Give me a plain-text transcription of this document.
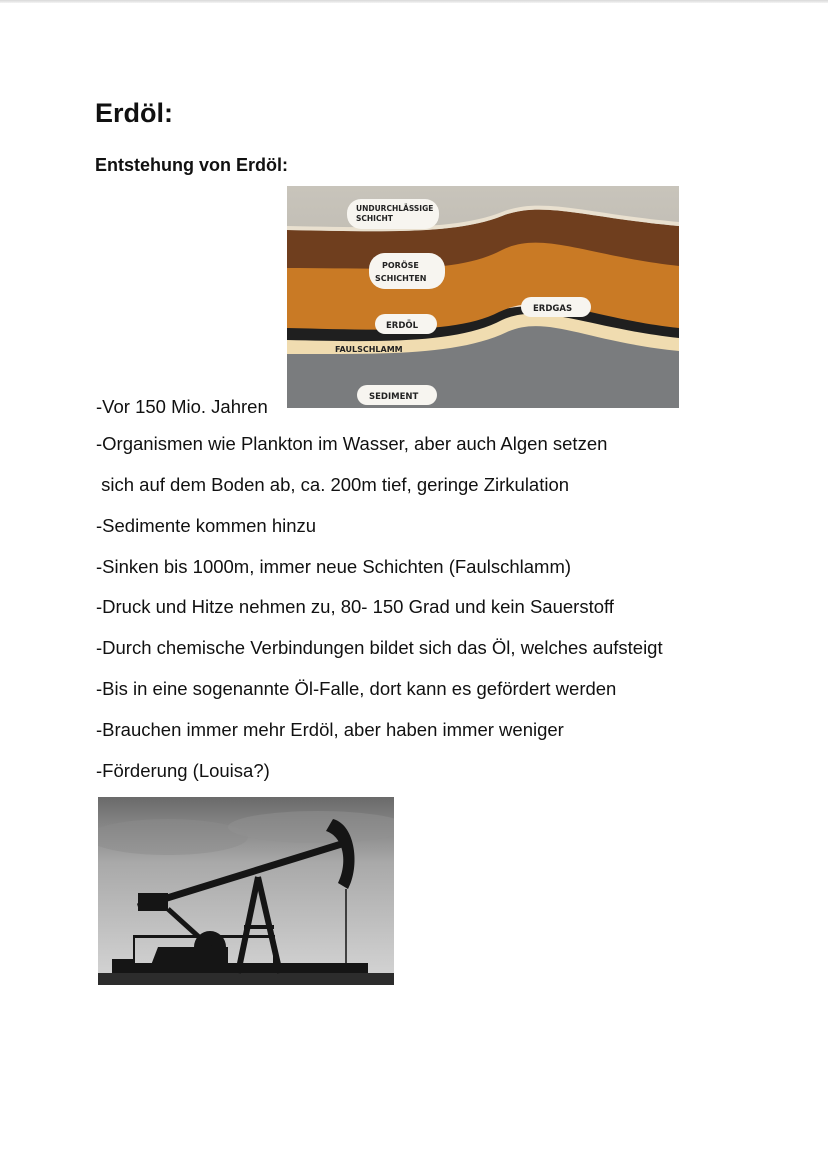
Erdöl:
Entstehung von Erdöl:
UNDURCHLÄSSIGE
SCHICHT
PORÖSE
SCHICHTEN
ERDGAS
ERDÖL
FAULSCHLAMM
SEDIMENT

-Vor 150 Mio. Jahren

-Organismen wie Plankton im Wasser, aber auch Algen setzen

sich auf dem Boden ab, ca. 200m tief, geringe Zirkulation

-Sedimente kommen hinzu

-Sinken bis 1000m, immer neue Schichten (Faulschlamm)

-Druck und Hitze nehmen zu, 80- 150 Grad und kein Sauerstoff

-Durch chemische Verbindungen bildet sich das Öl, welches aufsteigt

-Bis in eine sogenannte Öl-Falle, dort kann es gefördert werden

-Brauchen immer mehr Erdöl, aber haben immer weniger

-Förderung (Louisa?)
